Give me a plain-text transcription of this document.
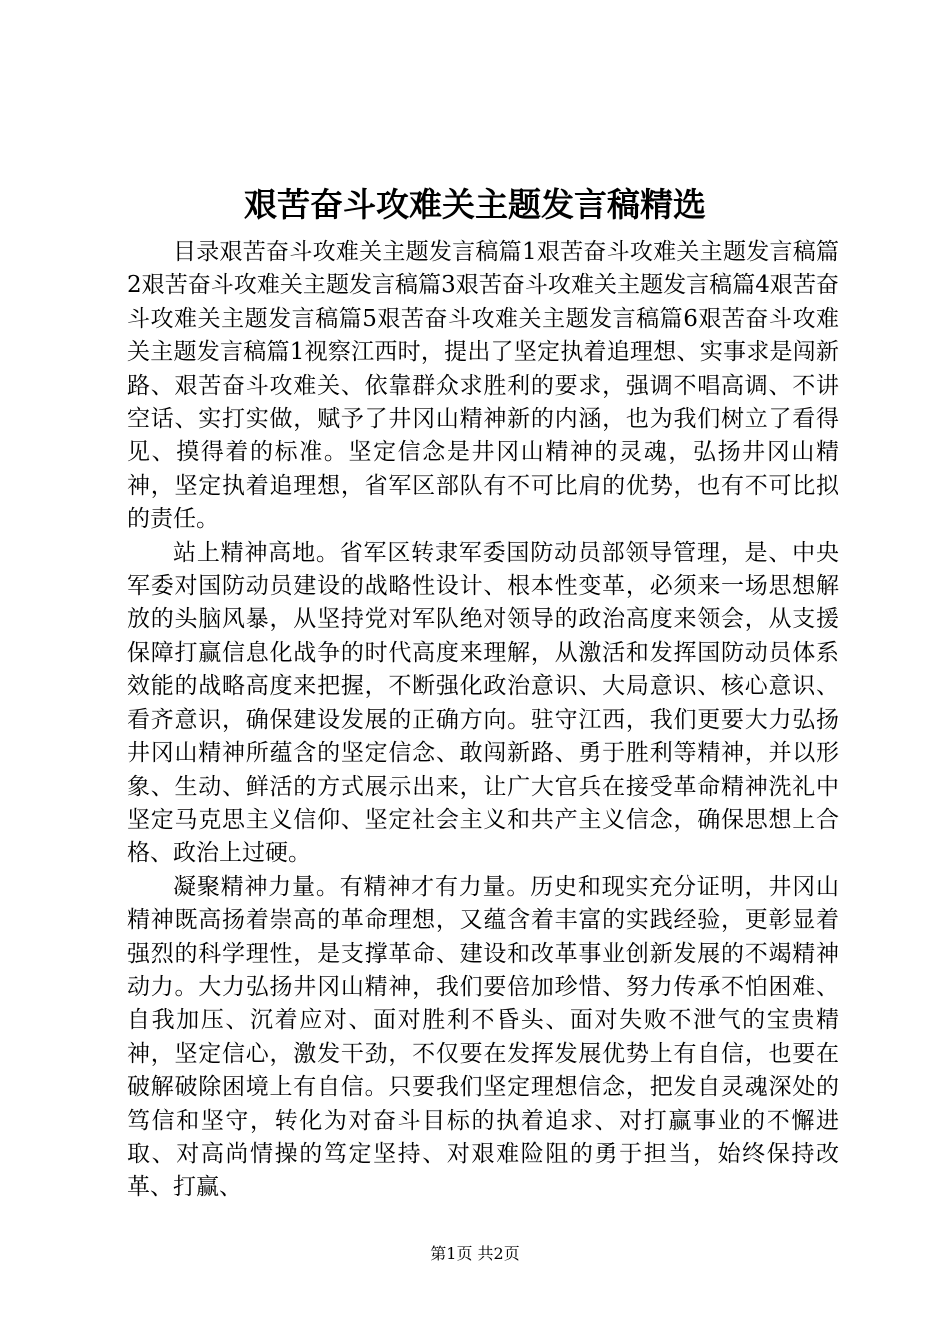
艰苦奋斗攻难关主题发言稿精选

目录艰苦奋斗攻难关主题发言稿篇1艰苦奋斗攻难关主题发言稿篇2艰苦奋斗攻难关主题发言稿篇3艰苦奋斗攻难关主题发言稿篇4艰苦奋斗攻难关主题发言稿篇5艰苦奋斗攻难关主题发言稿篇6艰苦奋斗攻难关主题发言稿篇1视察江西时，提出了坚定执着追理想、实事求是闯新路、艰苦奋斗攻难关、依靠群众求胜利的要求，强调不唱高调、不讲空话、实打实做，赋予了井冈山精神新的内涵，也为我们树立了看得见、摸得着的标准。坚定信念是井冈山精神的灵魂，弘扬井冈山精神，坚定执着追理想，省军区部队有不可比肩的优势，也有不可比拟的责任。

站上精神高地。省军区转隶军委国防动员部领导管理，是、中央军委对国防动员建设的战略性设计、根本性变革，必须来一场思想解放的头脑风暴，从坚持党对军队绝对领导的政治高度来领会，从支援保障打赢信息化战争的时代高度来理解，从激活和发挥国防动员体系效能的战略高度来把握，不断强化政治意识、大局意识、核心意识、看齐意识，确保建设发展的正确方向。驻守江西，我们更要大力弘扬井冈山精神所蕴含的坚定信念、敢闯新路、勇于胜利等精神，并以形象、生动、鲜活的方式展示出来，让广大官兵在接受革命精神洗礼中坚定马克思主义信仰、坚定社会主义和共产主义信念，确保思想上合格、政治上过硬。

凝聚精神力量。有精神才有力量。历史和现实充分证明，井冈山精神既高扬着崇高的革命理想，又蕴含着丰富的实践经验，更彰显着强烈的科学理性，是支撑革命、建设和改革事业创新发展的不竭精神动力。大力弘扬井冈山精神，我们要倍加珍惜、努力传承不怕困难、自我加压、沉着应对、面对胜利不昏头、面对失败不泄气的宝贵精神，坚定信心，激发干劲，不仅要在发挥发展优势上有自信，也要在破解破除困境上有自信。只要我们坚定理想信念，把发自灵魂深处的笃信和坚守，转化为对奋斗目标的执着追求、对打赢事业的不懈进取、对高尚情操的笃定坚持、对艰难险阻的勇于担当，始终保持改革、打赢、

第1页 共2页
